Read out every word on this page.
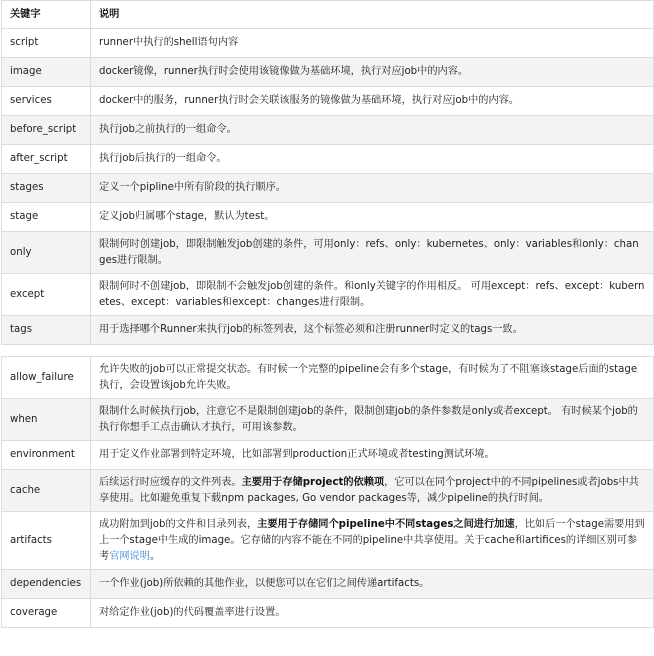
关键字	说明
script	runner中执行的shell语句内容
image	docker镜像，runner执行时会使用该镜像做为基础环境，执行对应job中的内容。
services	docker中的服务，runner执行时会关联该服务的镜像做为基础环境，执行对应job中的内容。
before_script	执行job之前执行的一组命令。
after_script	执行job后执行的一组命令。
stages	定义一个pipline中所有阶段的执行顺序。
stage	定义job归属哪个stage，默认为test。
only	限制何时创建job，即限制触发job创建的条件，可用only：refs、only：kubernetes、only：variables和only：changes进行限制。
except	限制何时不创建job，即限制不会触发job创建的条件。和only关键字的作用相反。 可用except：refs、except：kubernetes、except：variables和except：changes进行限制。
tags	用于选择哪个Runner来执行job的标签列表，这个标签必须和注册runner时定义的tags一致。

allow_failure	允许失败的job可以正常提交状态。有时候一个完整的pipeline会有多个stage，有时候为了不阻塞该stage后面的stage执行，会设置该job允许失败。
when	限制什么时候执行job，注意它不是限制创建job的条件，限制创建job的条件参数是only或者except。 有时候某个job的执行你想手工点击确认才执行，可用该参数。
environment	用于定义作业部署到特定环境，比如部署到production正式环境或者testing测试环境。
cache	后续运行时应缓存的文件列表。主要用于存储project的依赖项，它可以在同个project中的不同pipelines或者jobs中共享使用。比如避免重复下载npm packages, Go vendor packages等，减少pipeline的执行时间。
artifacts	成功附加到job的文件和目录列表，主要用于存储同个pipeline中不同stages之间进行加速，比如后一个stage需要用到上一个stage中生成的image。它存储的内容不能在不同的pipeline中共享使用。关于cache和artifices的详细区别可参考官网说明。
dependencies	一个作业(job)所依赖的其他作业，以便您可以在它们之间传递artifacts。
coverage	对给定作业(job)的代码覆盖率进行设置。
